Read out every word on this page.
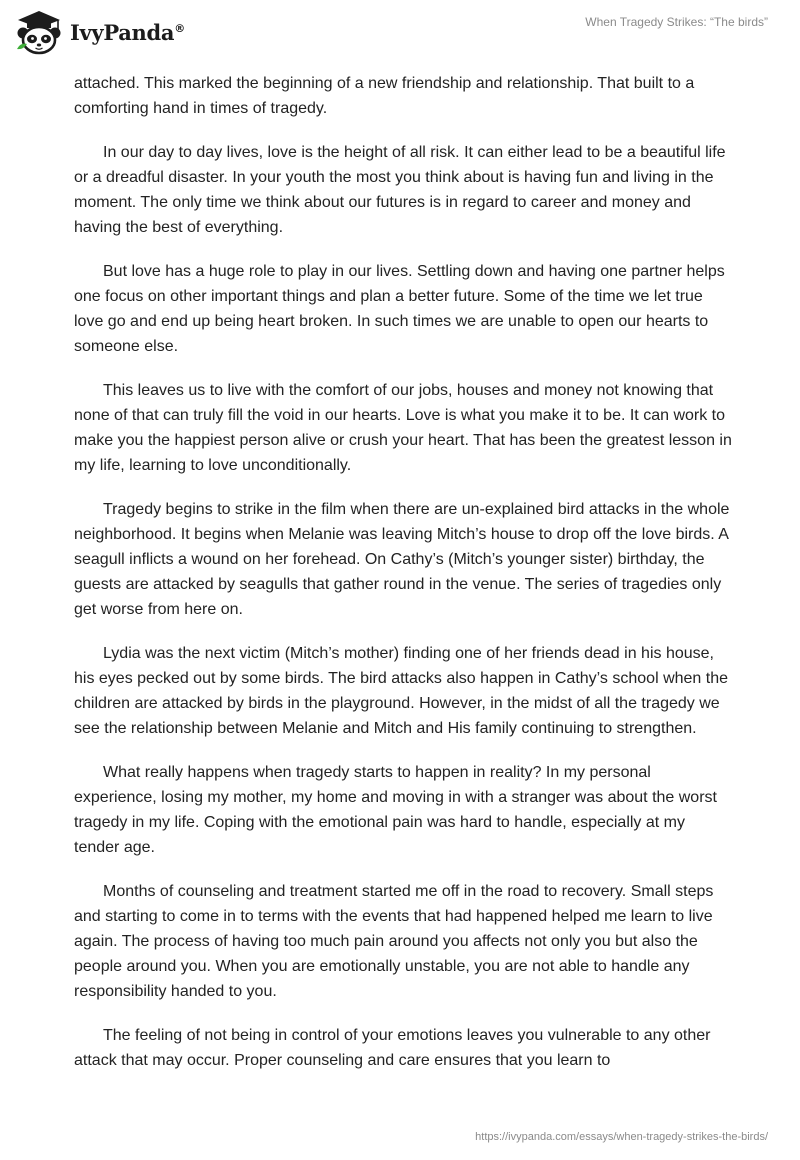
IvyPanda®	When Tragedy Strikes: “The birds”

attached. This marked the beginning of a new friendship and relationship. That built to a comforting hand in times of tragedy.

In our day to day lives, love is the height of all risk. It can either lead to be a beautiful life or a dreadful disaster. In your youth the most you think about is having fun and living in the moment. The only time we think about our futures is in regard to career and money and having the best of everything.

But love has a huge role to play in our lives. Settling down and having one partner helps one focus on other important things and plan a better future. Some of the time we let true love go and end up being heart broken. In such times we are unable to open our hearts to someone else.

This leaves us to live with the comfort of our jobs, houses and money not knowing that none of that can truly fill the void in our hearts. Love is what you make it to be. It can work to make you the happiest person alive or crush your heart. That has been the greatest lesson in my life, learning to love unconditionally.

Tragedy begins to strike in the film when there are un-explained bird attacks in the whole neighborhood. It begins when Melanie was leaving Mitch’s house to drop off the love birds. A seagull inflicts a wound on her forehead. On Cathy’s (Mitch’s younger sister) birthday, the guests are attacked by seagulls that gather round in the venue. The series of tragedies only get worse from here on.

Lydia was the next victim (Mitch’s mother) finding one of her friends dead in his house, his eyes pecked out by some birds. The bird attacks also happen in Cathy’s school when the children are attacked by birds in the playground. However, in the midst of all the tragedy we see the relationship between Melanie and Mitch and His family continuing to strengthen.

What really happens when tragedy starts to happen in reality? In my personal experience, losing my mother, my home and moving in with a stranger was about the worst tragedy in my life. Coping with the emotional pain was hard to handle, especially at my tender age.

Months of counseling and treatment started me off in the road to recovery. Small steps and starting to come in to terms with the events that had happened helped me learn to live again. The process of having too much pain around you affects not only you but also the people around you. When you are emotionally unstable, you are not able to handle any responsibility handed to you.

The feeling of not being in control of your emotions leaves you vulnerable to any other attack that may occur. Proper counseling and care ensures that you learn to

https://ivypanda.com/essays/when-tragedy-strikes-the-birds/
